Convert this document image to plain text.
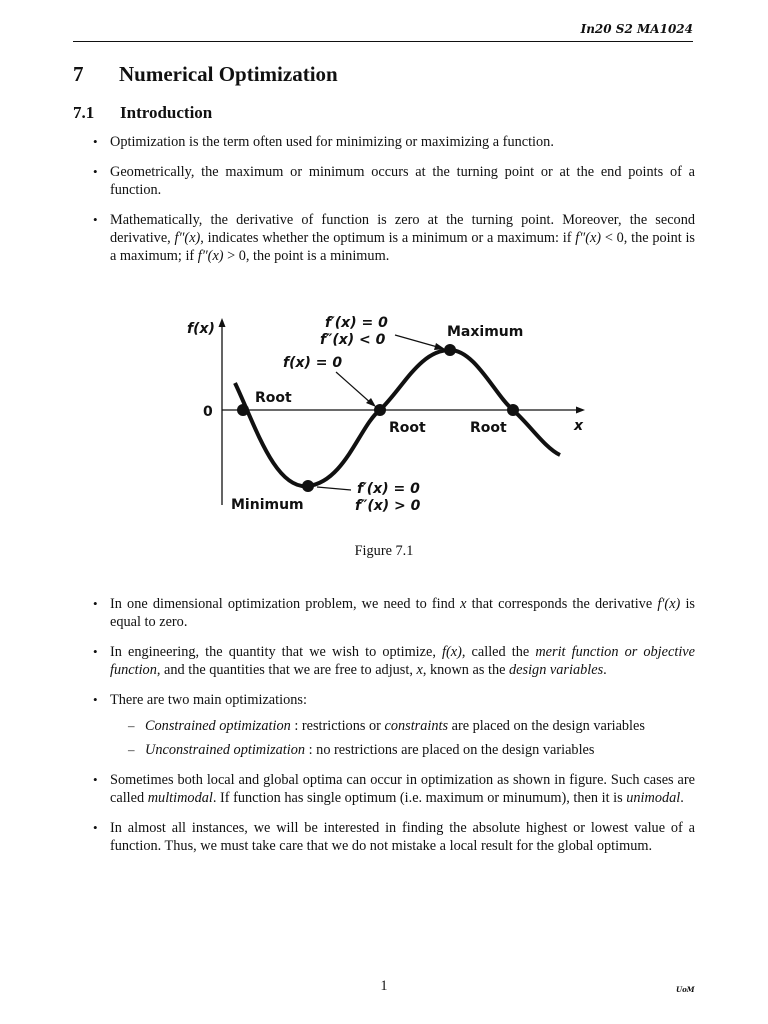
In20 S2 MA1024
7 Numerical Optimization
7.1 Introduction
• Optimization is the term often used for minimizing or maximizing a function.
• Geometrically, the maximum or minimum occurs at the turning point or at the end points of a function.
• Mathematically, the derivative of function is zero at the turning point. Moreover, the second derivative, f″(x), indicates whether the optimum is a minimum or a maximum: if f″(x) < 0, the point is a maximum; if f″(x) > 0, the point is a minimum.
f(x)
x
0
Root
Root	Root
Maximum
Minimum
f′(x) = 0
f″(x) < 0
f(x) = 0
f′(x) = 0
f″(x) > 0
Figure 7.1
• In one dimensional optimization problem, we need to find x that corresponds the derivative f′(x) is equal to zero.
• In engineering, the quantity that we wish to optimize, f(x), called the merit function or objective function, and the quantities that we are free to adjust, x, known as the design variables.
• There are two main optimizations:
– Constrained optimization : restrictions or constraints are placed on the design variables
– Unconstrained optimization : no restrictions are placed on the design variables
• Sometimes both local and global optima can occur in optimization as shown in figure. Such cases are called multimodal. If function has single optimum (i.e. maximum or minumum), then it is unimodal.
• In almost all instances, we will be interested in finding the absolute highest or lowest value of a function. Thus, we must take care that we do not mistake a local result for the global optimum.
1	UoM
